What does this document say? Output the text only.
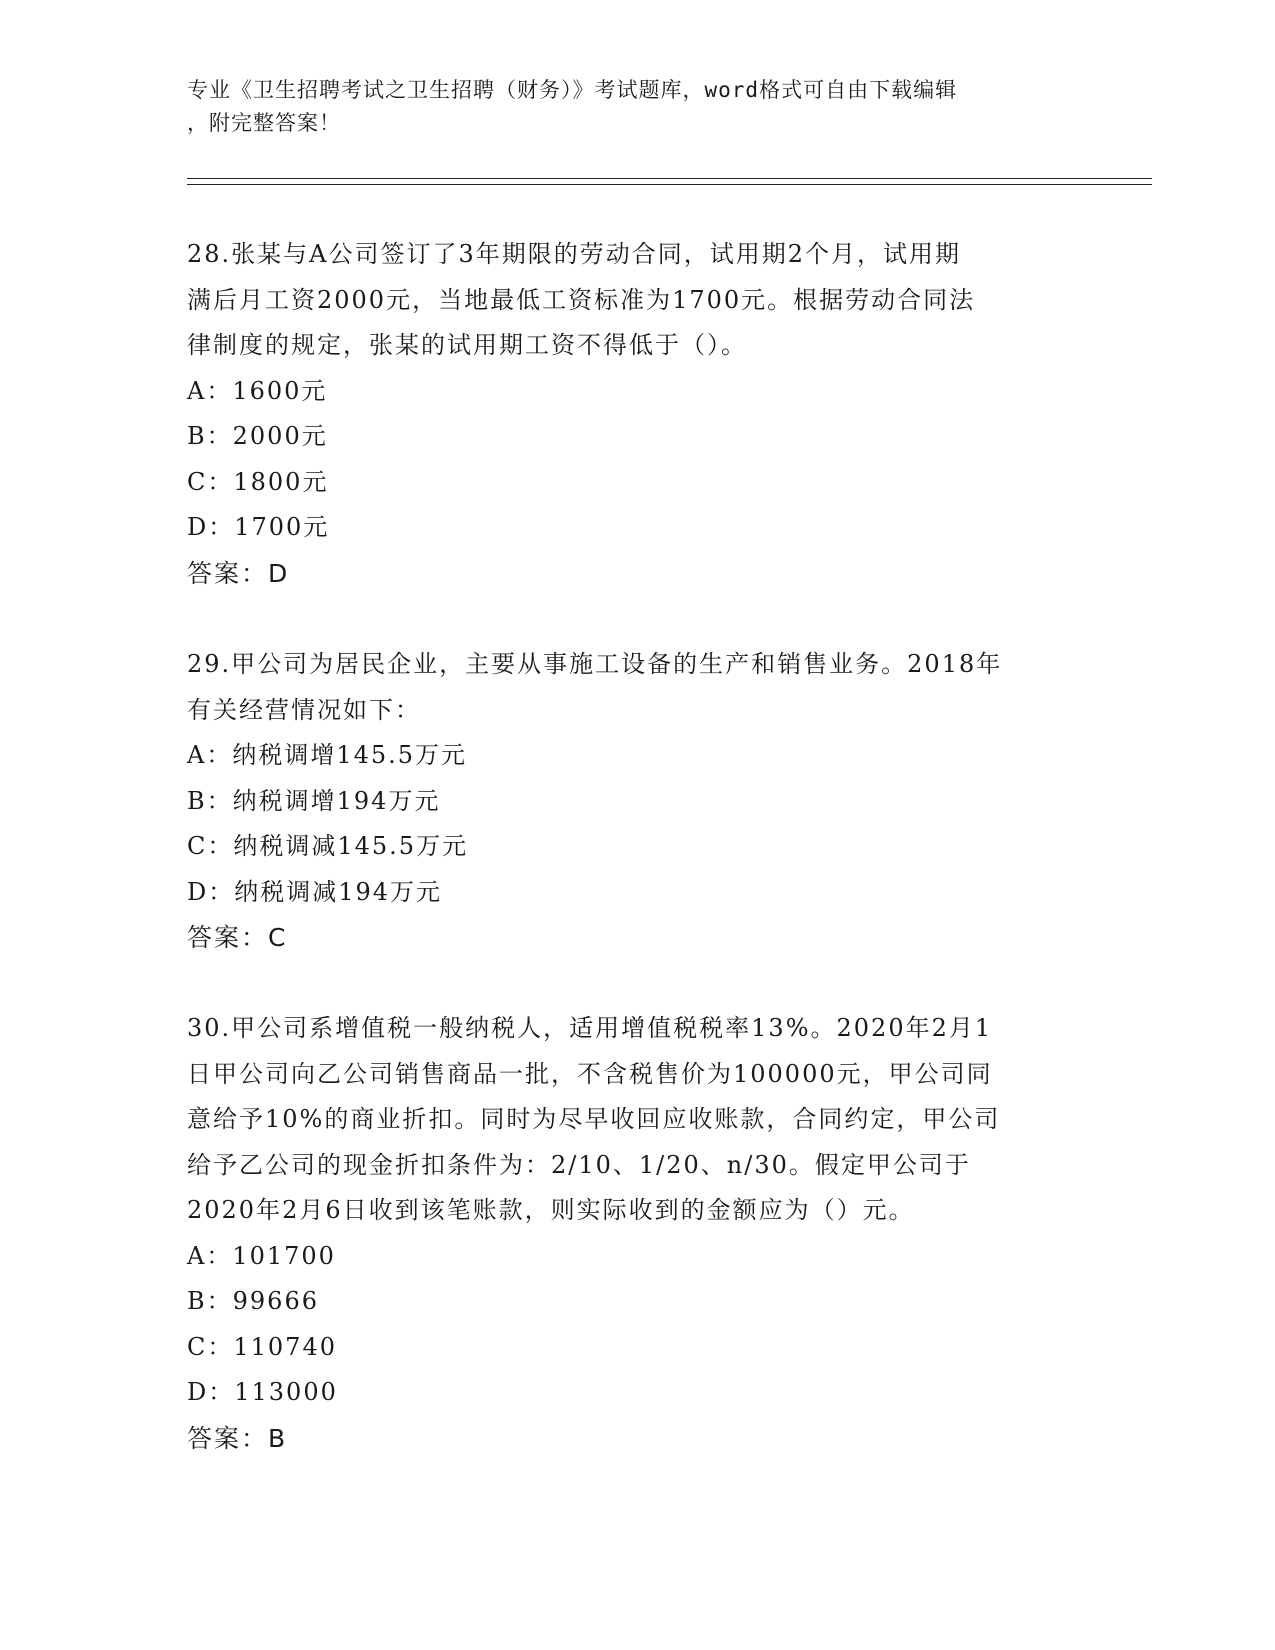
专业《卫生招聘考试之卫生招聘（财务）》考试题库，word格式可自由下载编辑
，附完整答案！
28.张某与A公司签订了3年期限的劳动合同，试用期2个月，试用期
满后月工资2000元，当地最低工资标准为1700元。根据劳动合同法
律制度的规定，张某的试用期工资不得低于（）。
A：1600元
B：2000元
C：1800元
D：1700元
答案：D
29.甲公司为居民企业，主要从事施工设备的生产和销售业务。2018年
有关经营情况如下：
A：纳税调增145.5万元
B：纳税调增194万元
C：纳税调减145.5万元
D：纳税调减194万元
答案：C
30.甲公司系增值税一般纳税人，适用增值税税率13%。2020年2月1
日甲公司向乙公司销售商品一批，不含税售价为100000元，甲公司同
意给予10%的商业折扣。同时为尽早收回应收账款，合同约定，甲公司
给予乙公司的现金折扣条件为：2/10、1/20、n/30。假定甲公司于
2020年2月6日收到该笔账款，则实际收到的金额应为（）元。
A：101700
B：99666
C：110740
D：113000
答案：B
